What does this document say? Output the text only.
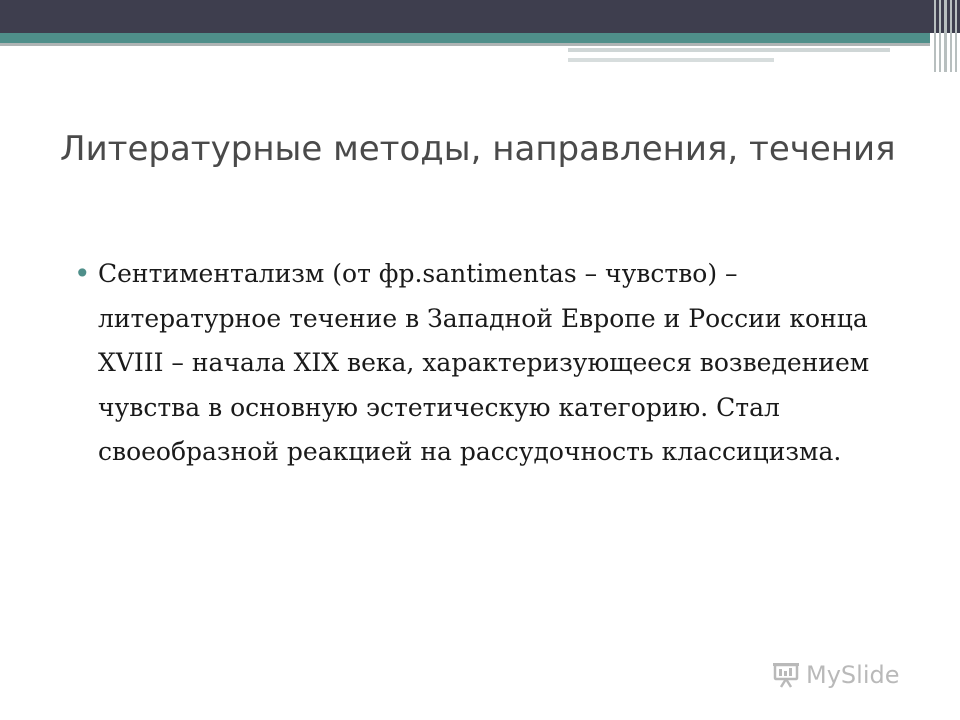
Литературные методы, направления, течения
• Сентиментализм (от фр.santimentas – чувство) – литературное течение в Западной Европе и России конца XVIII – начала XIX века, характеризующееся возведением чувства в основную эстетическую категорию. Стал своеобразной реакцией на рассудочность классицизма.

MySlide
